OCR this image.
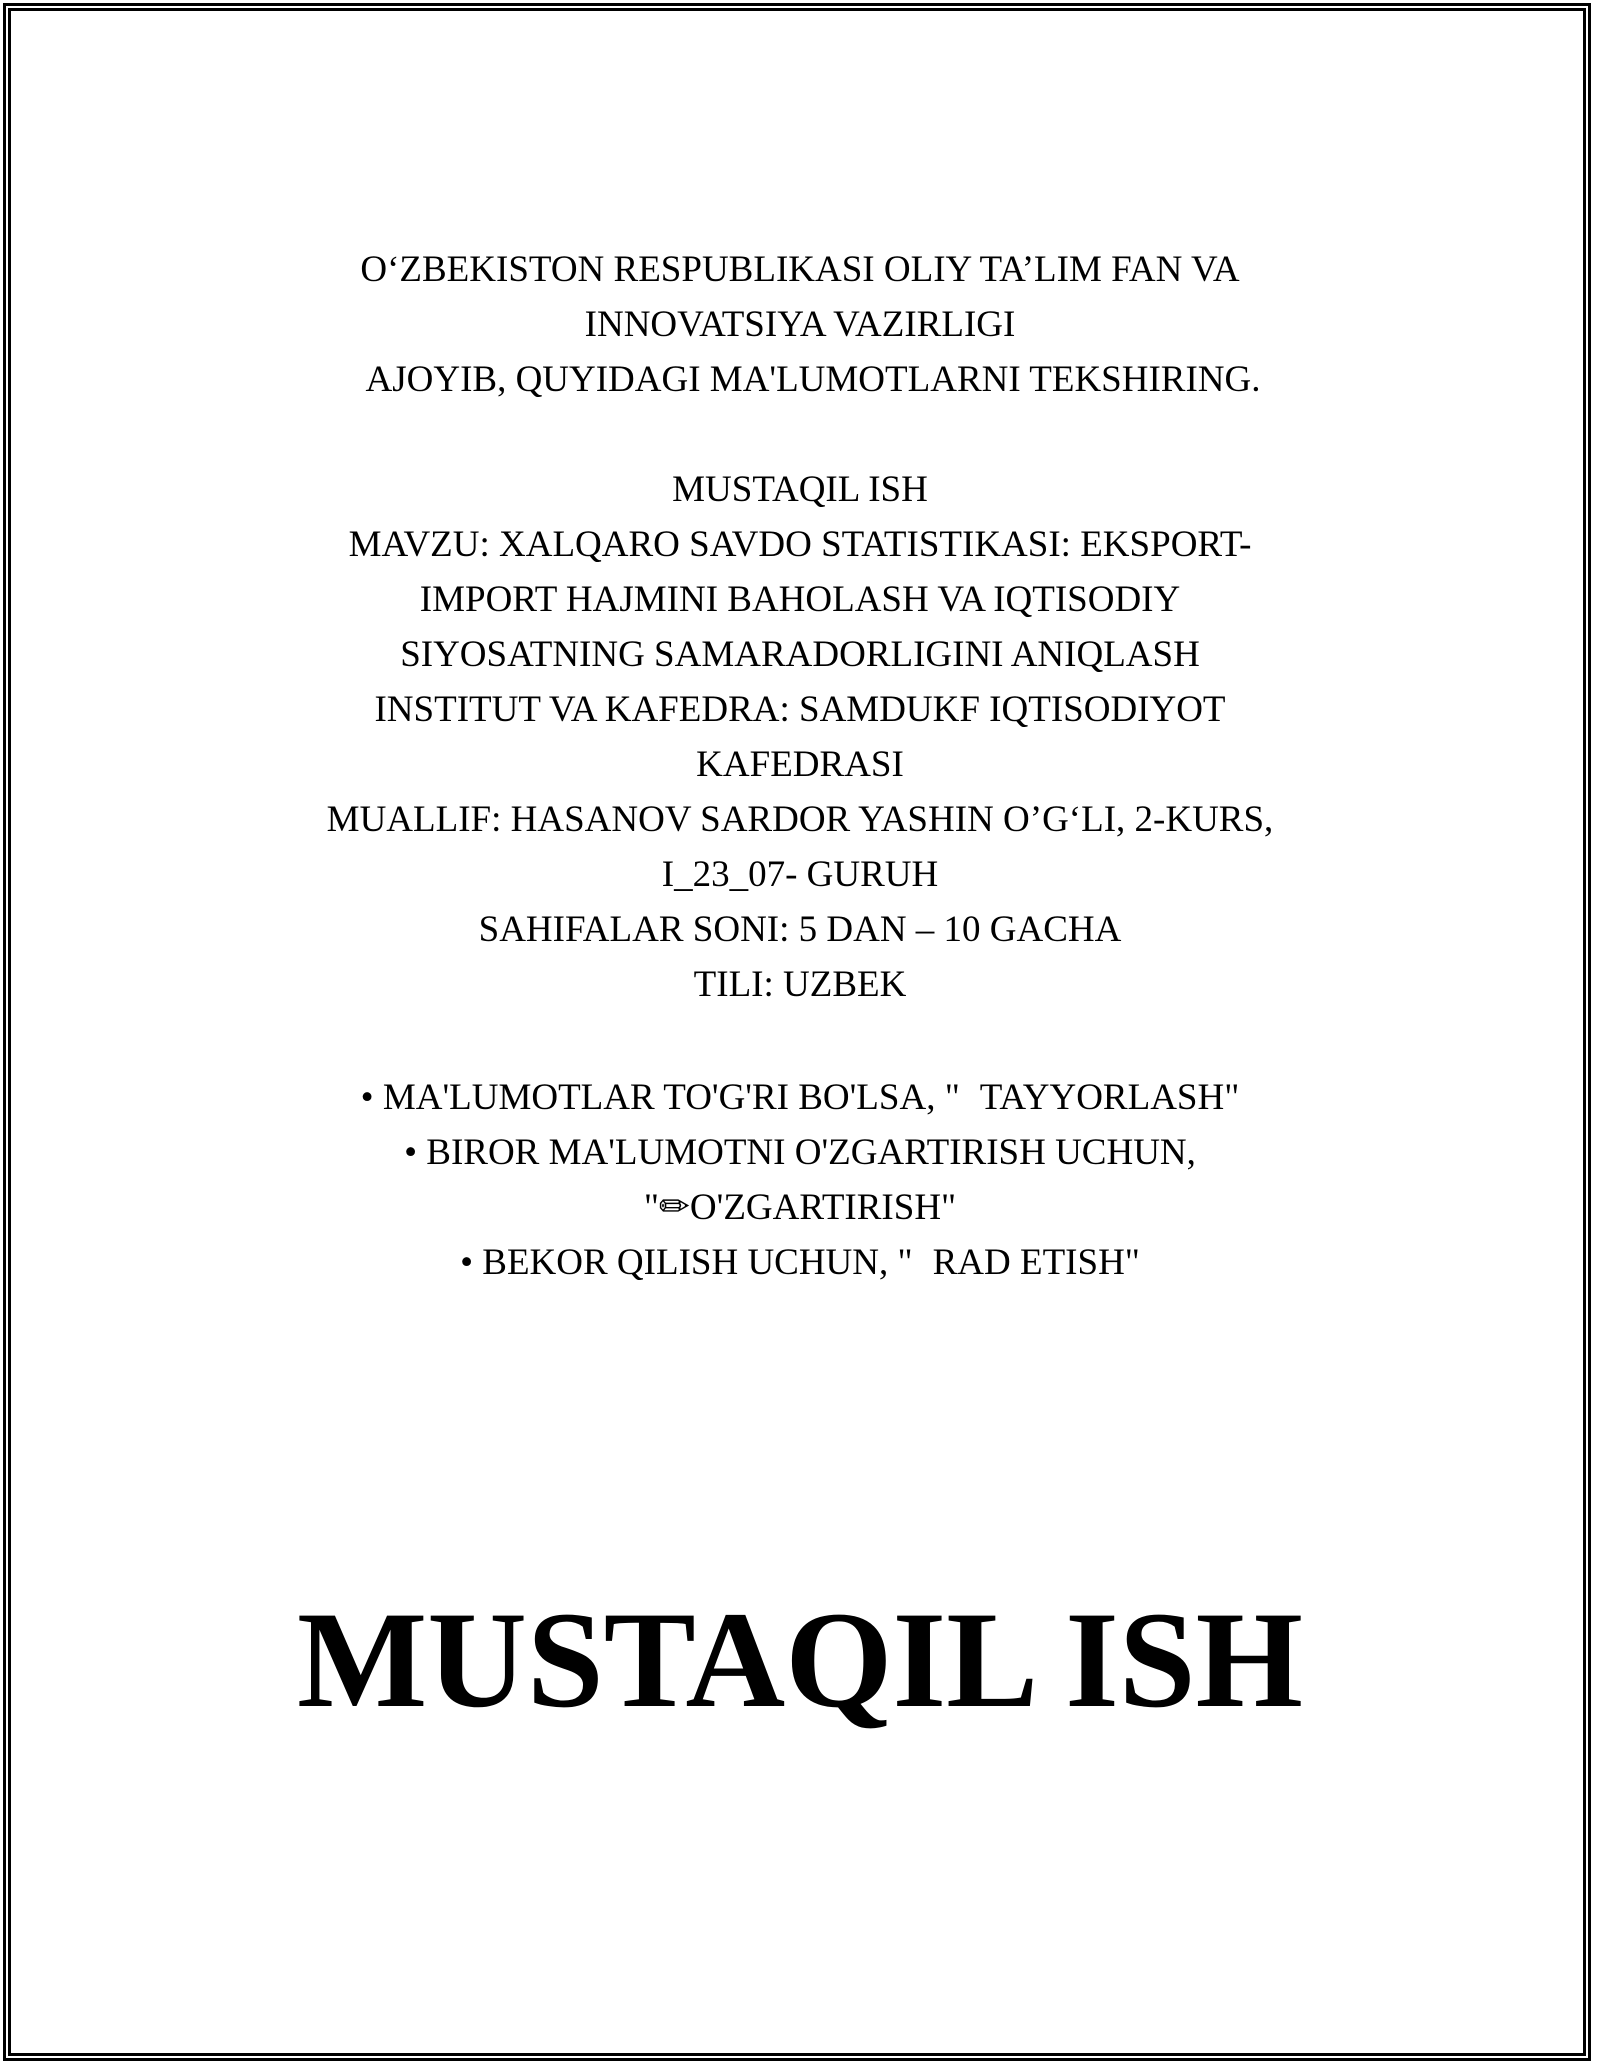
O‘ZBEKISTON RESPUBLIKASI OLIY TA’LIM FAN VA
INNOVATSIYA VAZIRLIGI
AJOYIB, QUYIDAGI MA'LUMOTLARNI TEKSHIRING.
MUSTAQIL ISH
MAVZU: XALQARO SAVDO STATISTIKASI: EKSPORT-
IMPORT HAJMINI BAHOLASH VA IQTISODIY
SIYOSATNING SAMARADORLIGINI ANIQLASH
INSTITUT VA KAFEDRA: SAMDUKF IQTISODIYOT
KAFEDRASI
MUALLIF: HASANOV SARDOR YASHIN O’G‘LI, 2-KURS,
I_23_07- GURUH
SAHIFALAR SONI: 5 DAN – 10 GACHA
TILI: UZBEK
• MA'LUMOTLAR TO'G'RI BO'LSA, " TAYYORLASH"
• BIROR MA'LUMOTNI O'ZGARTIRISH UCHUN,
"✏O'ZGARTIRISH"
• BEKOR QILISH UCHUN, " RAD ETISH"
MUSTAQIL ISH
